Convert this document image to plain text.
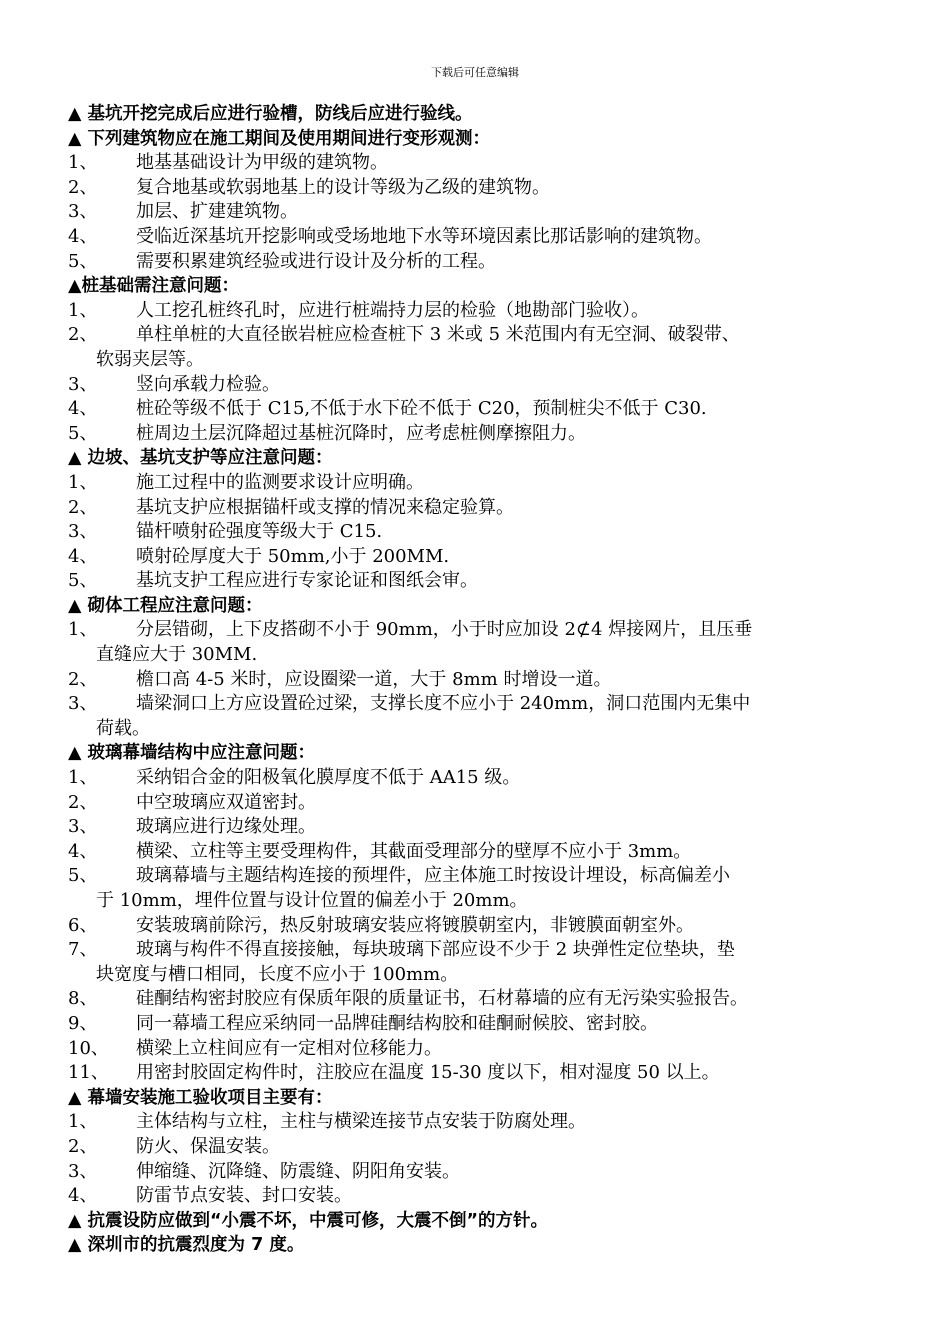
下载后可任意编辑
▲ 基坑开挖完成后应进行验槽，防线后应进行验线。
▲ 下列建筑物应在施工期间及使用期间进行变形观测：
1、	地基基础设计为甲级的建筑物。
2、	复合地基或软弱地基上的设计等级为乙级的建筑物。
3、	加层、扩建建筑物。
4、	受临近深基坑开挖影响或受场地地下水等环境因素比那话影响的建筑物。
5、	需要积累建筑经验或进行设计及分析的工程。
▲桩基础需注意问题：
1、	人工挖孔桩终孔时，应进行桩端持力层的检验（地勘部门验收）。
2、	单柱单桩的大直径嵌岩桩应检查桩下 3 米或 5 米范围内有无空洞、破裂带、
软弱夹层等。
3、	竖向承载力检验。
4、	桩砼等级不低于 C15,不低于水下砼不低于 C20，预制桩尖不低于 C30.
5、	桩周边土层沉降超过基桩沉降时，应考虑桩侧摩擦阻力。
▲ 边坡、基坑支护等应注意问题：
1、	施工过程中的监测要求设计应明确。
2、	基坑支护应根据锚杆或支撑的情况来稳定验算。
3、	锚杆喷射砼强度等级大于 C15.
4、	喷射砼厚度大于 50mm,小于 200MM.
5、	基坑支护工程应进行专家论证和图纸会审。
▲ 砌体工程应注意问题：
1、	分层错砌，上下皮搭砌不小于 90mm，小于时应加设 2⊄4 焊接网片，且压垂
直缝应大于 30MM.
2、	檐口高 4-5 米时，应设圈梁一道，大于 8mm 时增设一道。
3、	墙梁洞口上方应设置砼过梁，支撑长度不应小于 240mm，洞口范围内无集中
荷载。
▲ 玻璃幕墙结构中应注意问题：
1、	采纳铝合金的阳极氧化膜厚度不低于 AA15 级。
2、	中空玻璃应双道密封。
3、	玻璃应进行边缘处理。
4、	横梁、立柱等主要受理构件，其截面受理部分的壁厚不应小于 3mm。
5、	玻璃幕墙与主题结构连接的预埋件，应主体施工时按设计埋设，标高偏差小
于 10mm，埋件位置与设计位置的偏差小于 20mm。
6、	安装玻璃前除污，热反射玻璃安装应将镀膜朝室内，非镀膜面朝室外。
7、	玻璃与构件不得直接接触，每块玻璃下部应设不少于 2 块弹性定位垫块，垫
块宽度与槽口相同，长度不应小于 100mm。
8、	硅酮结构密封胶应有保质年限的质量证书，石材幕墙的应有无污染实验报告。
9、	同一幕墙工程应采纳同一品牌硅酮结构胶和硅酮耐候胶、密封胶。
10、	横梁上立柱间应有一定相对位移能力。
11、	用密封胶固定构件时，注胶应在温度 15-30 度以下，相对湿度 50 以上。
▲ 幕墙安装施工验收项目主要有：
1、	主体结构与立柱，主柱与横梁连接节点安装于防腐处理。
2、	防火、保温安装。
3、	伸缩缝、沉降缝、防震缝、阴阳角安装。
4、	防雷节点安装、封口安装。
▲ 抗震设防应做到“小震不坏，中震可修，大震不倒”的方针。
▲ 深圳市的抗震烈度为 7 度。
